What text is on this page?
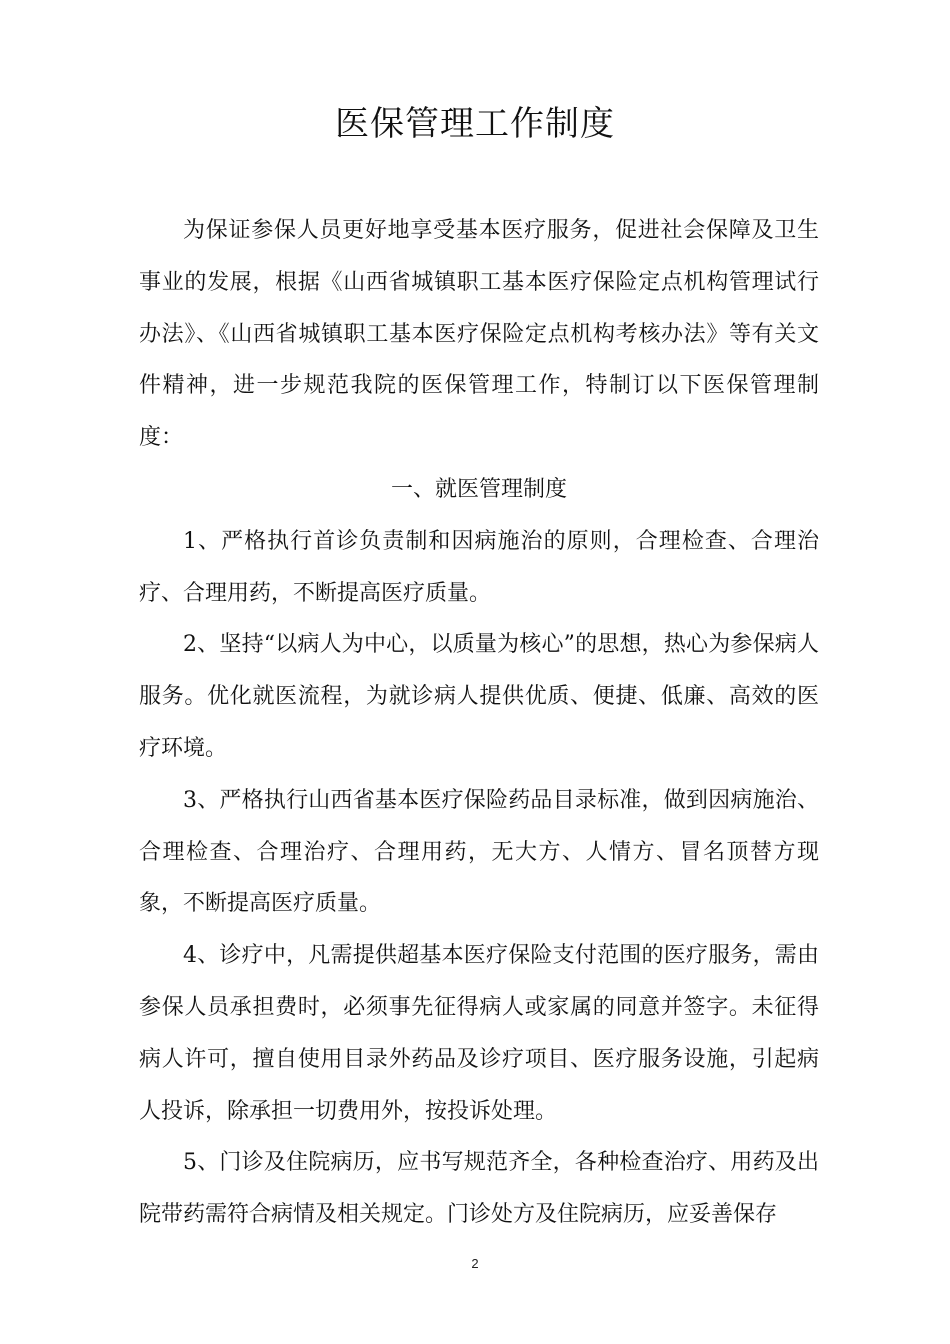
医保管理工作制度

为保证参保人员更好地享受基本医疗服务，促进社会保障及卫生事业的发展，根据《山西省城镇职工基本医疗保险定点机构管理试行办法》、《山西省城镇职工基本医疗保险定点机构考核办法》等有关文件精神，进一步规范我院的医保管理工作，特制订以下医保管理制度：

一、就医管理制度

1、严格执行首诊负责制和因病施治的原则，合理检查、合理治疗、合理用药，不断提高医疗质量。

2、坚持“以病人为中心，以质量为核心”的思想，热心为参保病人服务。优化就医流程，为就诊病人提供优质、便捷、低廉、高效的医疗环境。

3、严格执行山西省基本医疗保险药品目录标准，做到因病施治、合理检查、合理治疗、合理用药，无大方、人情方、冒名顶替方现象，不断提高医疗质量。

4、诊疗中，凡需提供超基本医疗保险支付范围的医疗服务，需由参保人员承担费时，必须事先征得病人或家属的同意并签字。未征得病人许可，擅自使用目录外药品及诊疗项目、医疗服务设施，引起病人投诉，除承担一切费用外，按投诉处理。

5、门诊及住院病历，应书写规范齐全，各种检查治疗、用药及出院带药需符合病情及相关规定。门诊处方及住院病历，应妥善保存

2
